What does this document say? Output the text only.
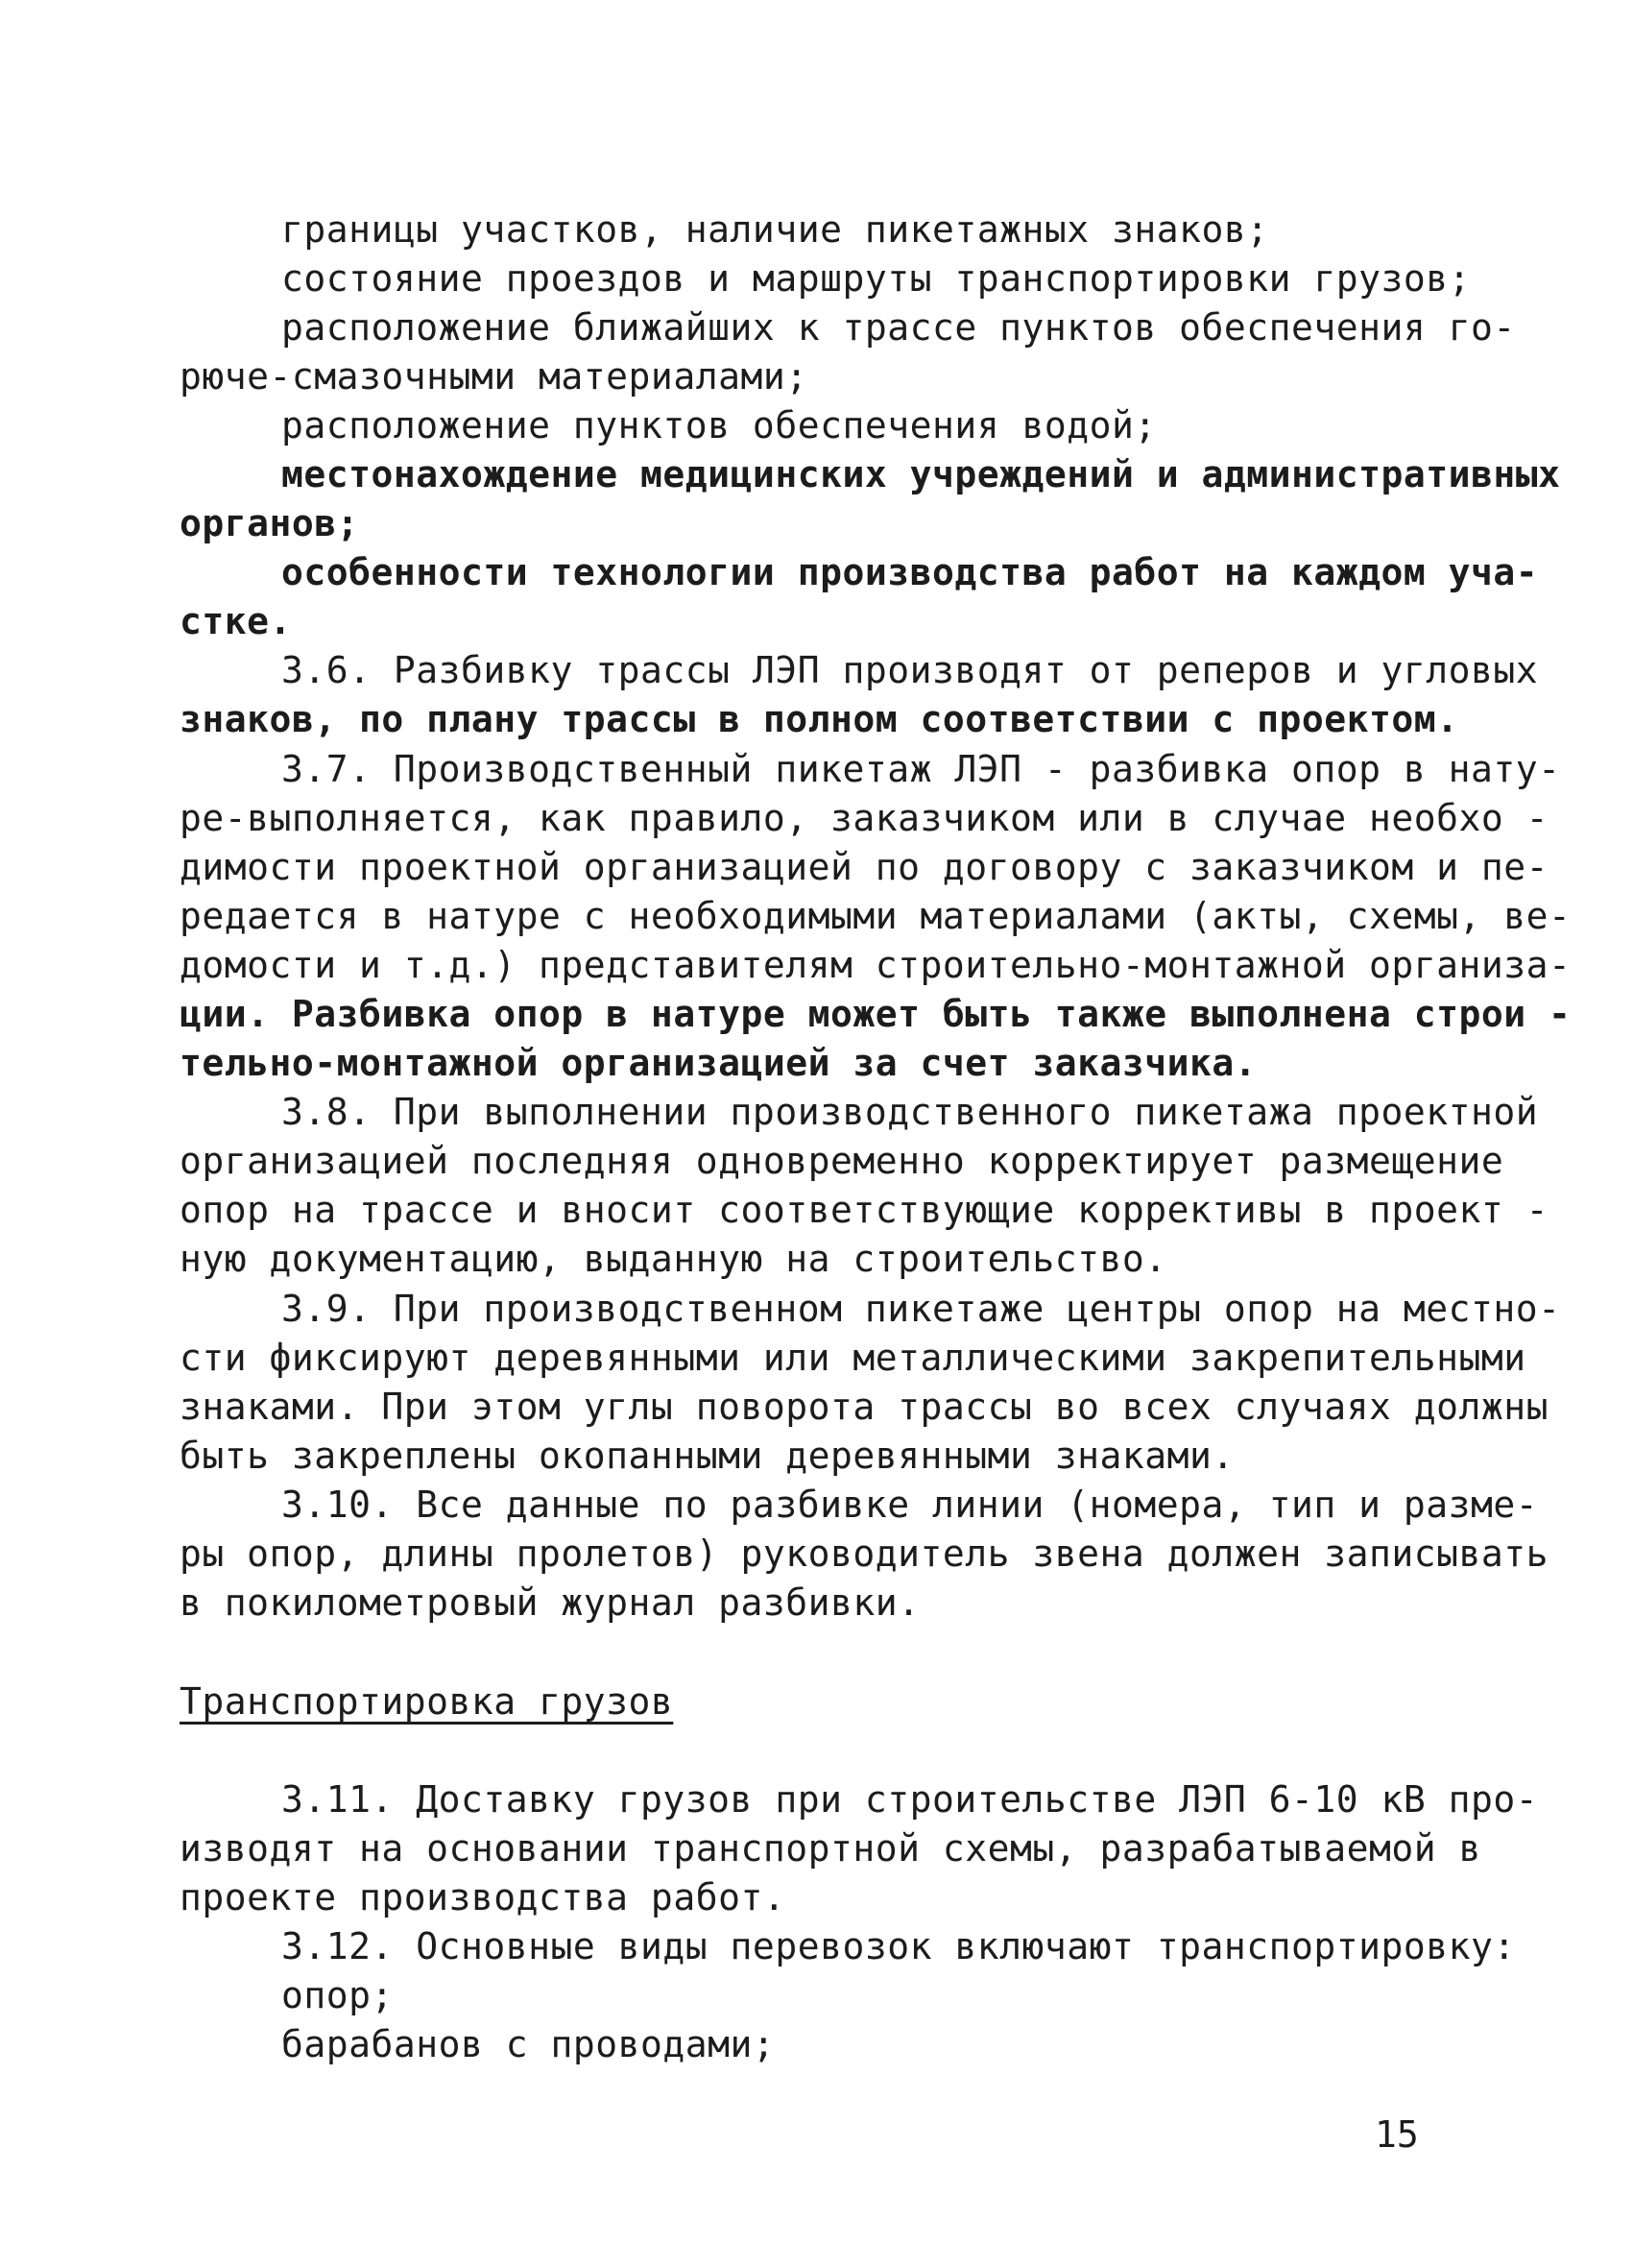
границы участков, наличие пикетажных знаков;
состояние проездов и маршруты транспортировки грузов;
расположение ближайших к трассе пунктов обеспечения го-
рюче-смазочными материалами;
расположение пунктов обеспечения водой;
местонахождение медицинских учреждений и административных
органов;
особенности технологии производства работ на каждом уча-
стке.
3.6. Разбивку трассы ЛЭП производят от реперов и угловых
знаков, по плану трассы в полном соответствии с проектом.
3.7. Производственный пикетаж ЛЭП - разбивка опор в нату-
ре-выполняется, как правило, заказчиком или в случае необхо -
димости проектной организацией по договору с заказчиком и пе-
редается в натуре с необходимыми материалами (акты, схемы, ве-
домости и т.д.) представителям строительно-монтажной организа-
ции. Разбивка опор в натуре может быть также выполнена строи -
тельно-монтажной организацией за счет заказчика.
3.8. При выполнении производственного пикетажа проектной
организацией последняя одновременно корректирует размещение
опор на трассе и вносит соответствующие коррективы в проект -
ную документацию, выданную на строительство.
3.9. При производственном пикетаже центры опор на местно-
сти фиксируют деревянными или металлическими закрепительными
знаками. При этом углы поворота трассы во всех случаях должны
быть закреплены окопанными деревянными знаками.
3.10. Все данные по разбивке линии (номера, тип и разме-
ры опор, длины пролетов) руководитель звена должен записывать
в покилометровый журнал разбивки.
Транспортировка грузов
3.11. Доставку грузов при строительстве ЛЭП 6-10 кВ про-
изводят на основании транспортной схемы, разрабатываемой в
проекте производства работ.
3.12. Основные виды перевозок включают транспортировку:
опор;
барабанов с проводами;
15
